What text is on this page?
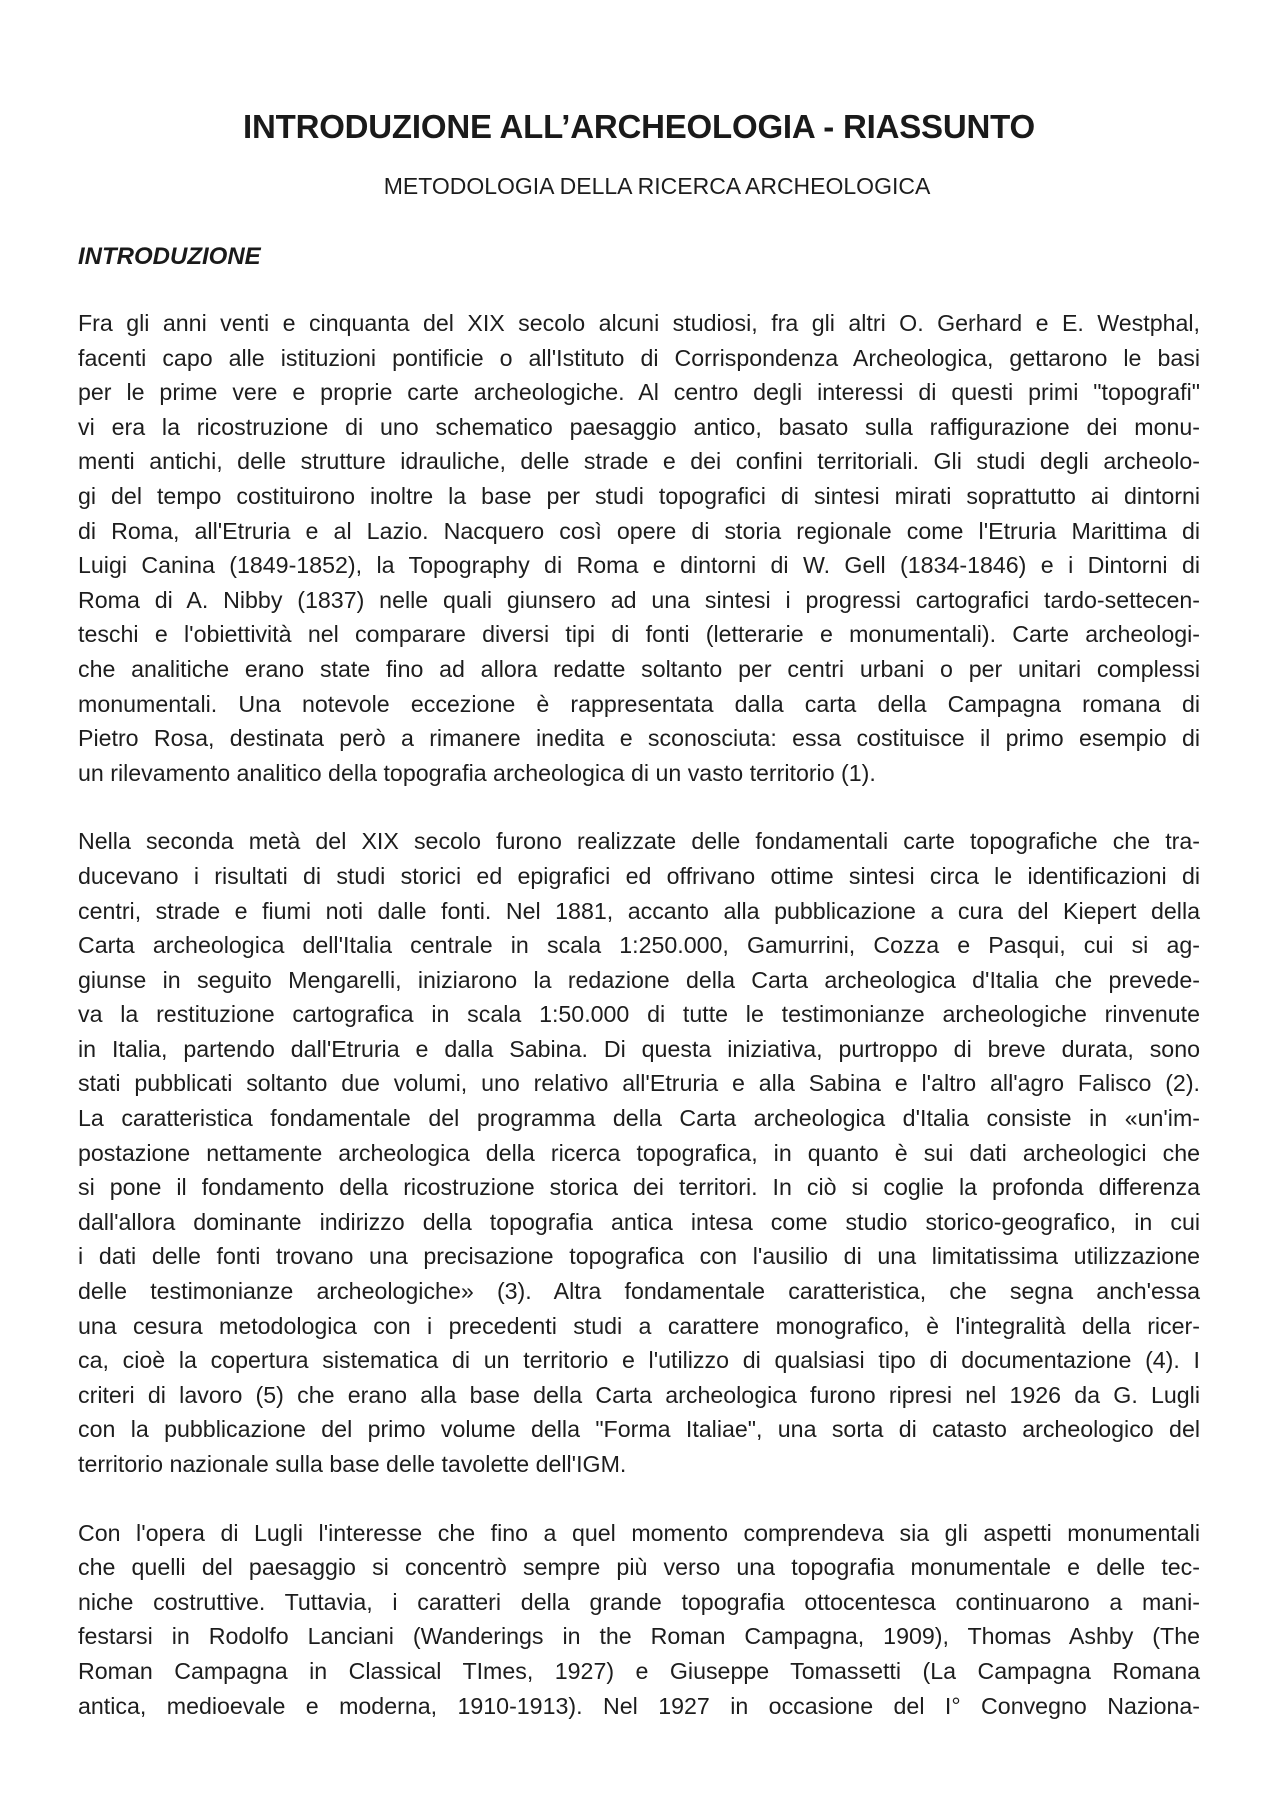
INTRODUZIONE ALL’ARCHEOLOGIA - RIASSUNTO
METODOLOGIA DELLA RICERCA ARCHEOLOGICA
INTRODUZIONE

Fra gli anni venti e cinquanta del XIX secolo alcuni studiosi, fra gli altri O. Gerhard e E. Westphal,
facenti capo alle istituzioni pontificie o all'Istituto di Corrispondenza Archeologica, gettarono le basi
per le prime vere e proprie carte archeologiche. Al centro degli interessi di questi primi "topografi"
vi era la ricostruzione di uno schematico paesaggio antico, basato sulla raffigurazione dei monu-
menti antichi, delle strutture idrauliche, delle strade e dei confini territoriali. Gli studi degli archeolo-
gi del tempo costituirono inoltre la base per studi topografici di sintesi mirati soprattutto ai dintorni
di Roma, all'Etruria e al Lazio. Nacquero così opere di storia regionale come l'Etruria Marittima di
Luigi Canina (1849-1852), la Topography di Roma e dintorni di W. Gell (1834-1846) e i Dintorni di
Roma di A. Nibby (1837) nelle quali giunsero ad una sintesi i progressi cartografici tardo-settecen-
teschi e l'obiettività nel comparare diversi tipi di fonti (letterarie e monumentali). Carte archeologi-
che analitiche erano state fino ad allora redatte soltanto per centri urbani o per unitari complessi
monumentali. Una notevole eccezione è rappresentata dalla carta della Campagna romana di
Pietro Rosa, destinata però a rimanere inedita e sconosciuta: essa costituisce il primo esempio di
un rilevamento analitico della topografia archeologica di un vasto territorio (1).

Nella seconda metà del XIX secolo furono realizzate delle fondamentali carte topografiche che tra-
ducevano i risultati di studi storici ed epigrafici ed offrivano ottime sintesi circa le identificazioni di
centri, strade e fiumi noti dalle fonti. Nel 1881, accanto alla pubblicazione a cura del Kiepert della
Carta archeologica dell'Italia centrale in scala 1:250.000, Gamurrini, Cozza e Pasqui, cui si ag-
giunse in seguito Mengarelli, iniziarono la redazione della Carta archeologica d'Italia che prevede-
va la restituzione cartografica in scala 1:50.000 di tutte le testimonianze archeologiche rinvenute
in Italia, partendo dall'Etruria e dalla Sabina. Di questa iniziativa, purtroppo di breve durata, sono
stati pubblicati soltanto due volumi, uno relativo all'Etruria e alla Sabina e l'altro all'agro Falisco (2).
La caratteristica fondamentale del programma della Carta archeologica d'Italia consiste in «un'im-
postazione nettamente archeologica della ricerca topografica, in quanto è sui dati archeologici che
si pone il fondamento della ricostruzione storica dei territori. In ciò si coglie la profonda differenza
dall'allora dominante indirizzo della topografia antica intesa come studio storico-geografico, in cui
i dati delle fonti trovano una precisazione topografica con l'ausilio di una limitatissima utilizzazione
delle testimonianze archeologiche» (3). Altra fondamentale caratteristica, che segna anch'essa
una cesura metodologica con i precedenti studi a carattere monografico, è l'integralità della ricer-
ca, cioè la copertura sistematica di un territorio e l'utilizzo di qualsiasi tipo di documentazione (4). I
criteri di lavoro (5) che erano alla base della Carta archeologica furono ripresi nel 1926 da G. Lugli
con la pubblicazione del primo volume della "Forma Italiae", una sorta di catasto archeologico del
territorio nazionale sulla base delle tavolette dell'IGM.

Con l'opera di Lugli l'interesse che fino a quel momento comprendeva sia gli aspetti monumentali
che quelli del paesaggio si concentrò sempre più verso una topografia monumentale e delle tec-
niche costruttive. Tuttavia, i caratteri della grande topografia ottocentesca continuarono a mani-
festarsi in Rodolfo Lanciani (Wanderings in the Roman Campagna, 1909), Thomas Ashby (The
Roman Campagna in Classical TImes, 1927) e Giuseppe Tomassetti (La Campagna Romana
antica, medioevale e moderna, 1910-1913). Nel 1927 in occasione del I° Convegno Naziona-
